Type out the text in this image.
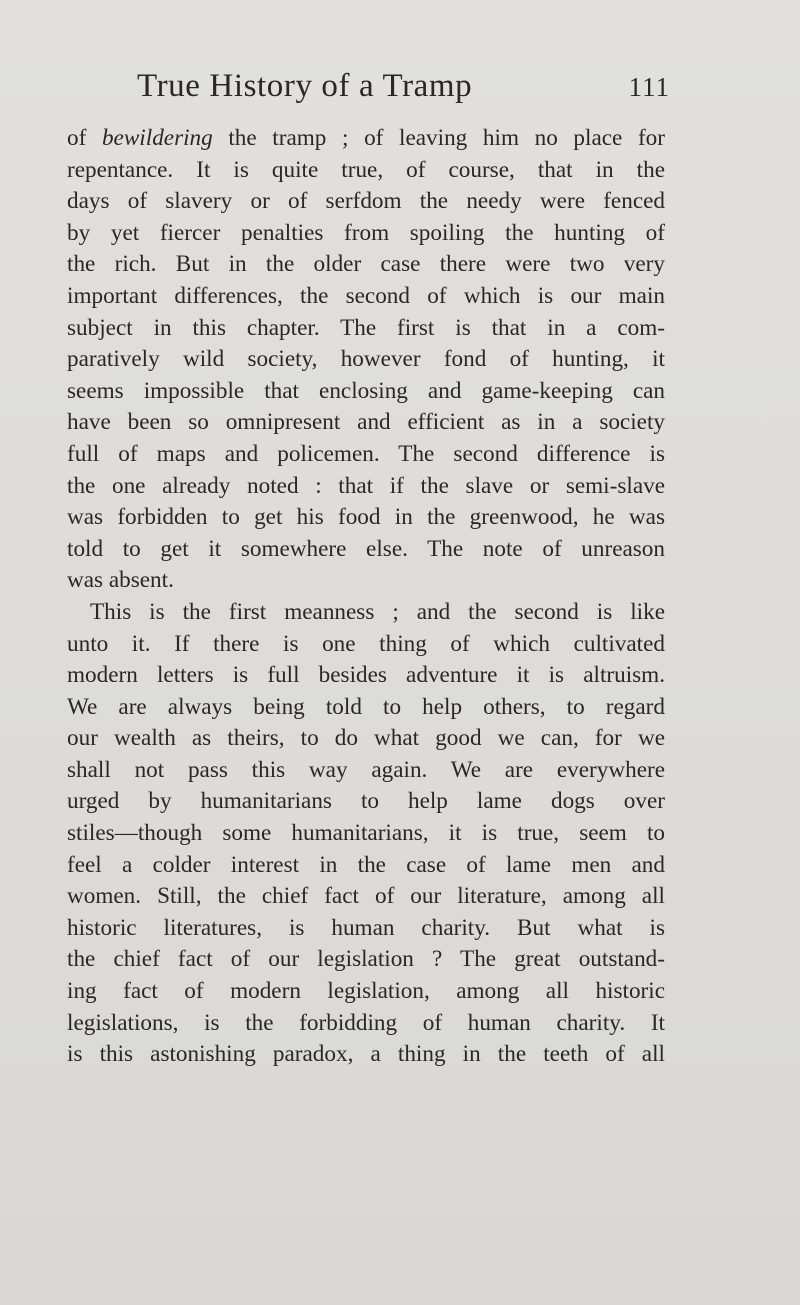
True History of a Tramp	111
of bewildering the tramp ; of leaving him no place for
repentance. It is quite true, of course, that in the
days of slavery or of serfdom the needy were fenced
by yet fiercer penalties from spoiling the hunting of
the rich. But in the older case there were two very
important differences, the second of which is our main
subject in this chapter. The first is that in a com-
paratively wild society, however fond of hunting, it
seems impossible that enclosing and game-keeping can
have been so omnipresent and efficient as in a society
full of maps and policemen. The second difference is
the one already noted : that if the slave or semi-slave
was forbidden to get his food in the greenwood, he was
told to get it somewhere else. The note of unreason
was absent.
This is the first meanness ; and the second is like
unto it. If there is one thing of which cultivated
modern letters is full besides adventure it is altruism.
We are always being told to help others, to regard
our wealth as theirs, to do what good we can, for we
shall not pass this way again. We are everywhere
urged by humanitarians to help lame dogs over
stiles—though some humanitarians, it is true, seem to
feel a colder interest in the case of lame men and
women. Still, the chief fact of our literature, among all
historic literatures, is human charity. But what is
the chief fact of our legislation ? The great outstand-
ing fact of modern legislation, among all historic
legislations, is the forbidding of human charity. It
is this astonishing paradox, a thing in the teeth of all
